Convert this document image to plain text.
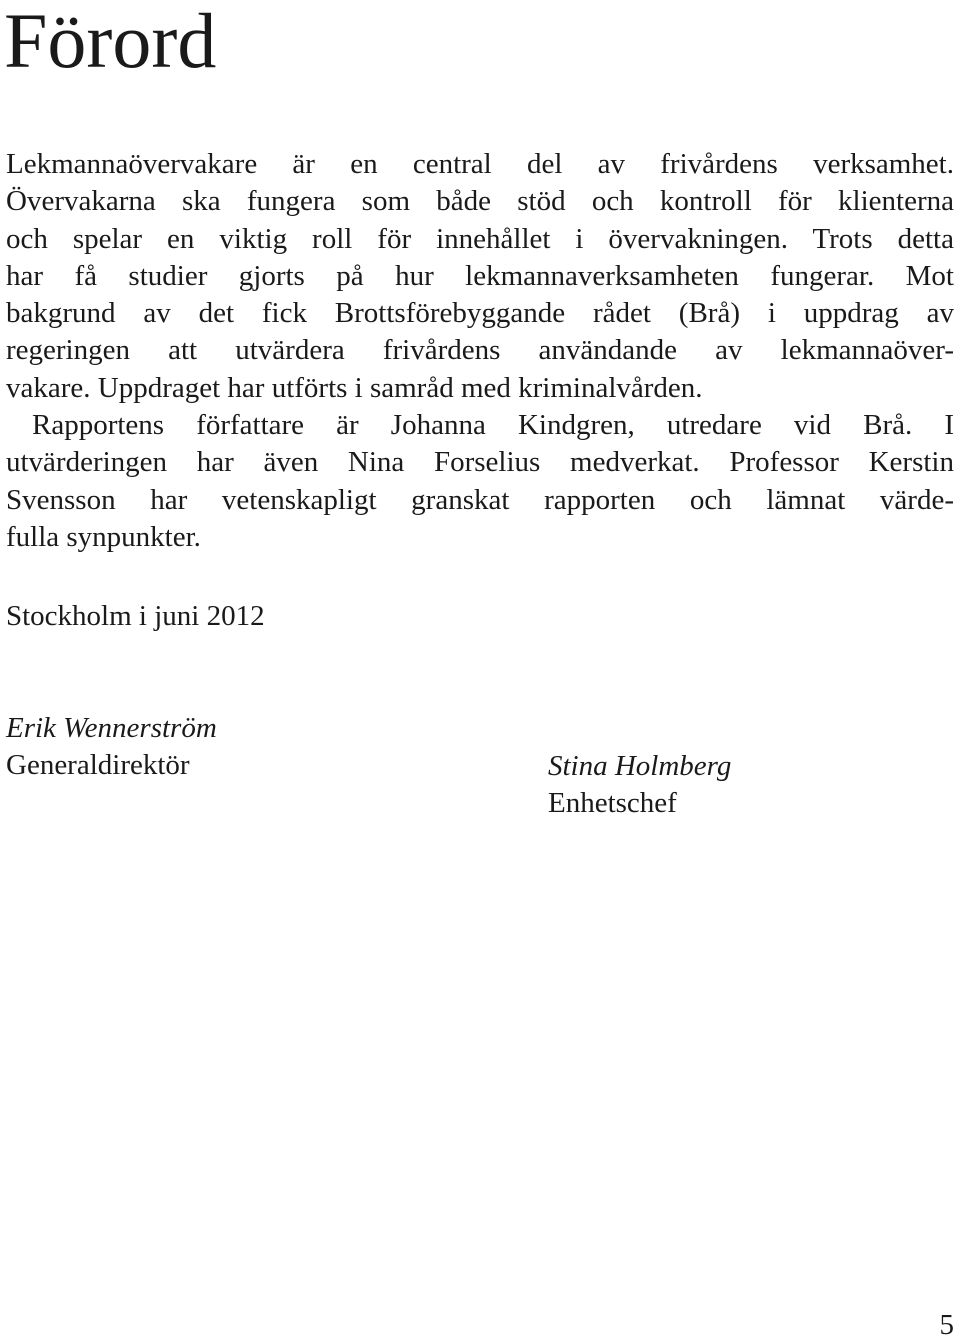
Förord
Lekmannaövervakare är en central del av frivårdens verksamhet.
Övervakarna ska fungera som både stöd och kontroll för klienterna
och spelar en viktig roll för innehållet i övervakningen. Trots detta
har få studier gjorts på hur lekmannaverksamheten fungerar. Mot
bakgrund av det fick Brottsförebyggande rådet (Brå) i uppdrag av
regeringen att utvärdera frivårdens användande av lekmannaöver-
vakare. Uppdraget har utförts i samråd med kriminalvården.
Rapportens författare är Johanna Kindgren, utredare vid Brå. I
utvärderingen har även Nina Forselius medverkat. Professor Kerstin
Svensson har vetenskapligt granskat rapporten och lämnat värde-
fulla synpunkter.

Stockholm i juni 2012

Erik Wennerström
Generaldirektör	Stina Holmberg
Enhetschef
5
